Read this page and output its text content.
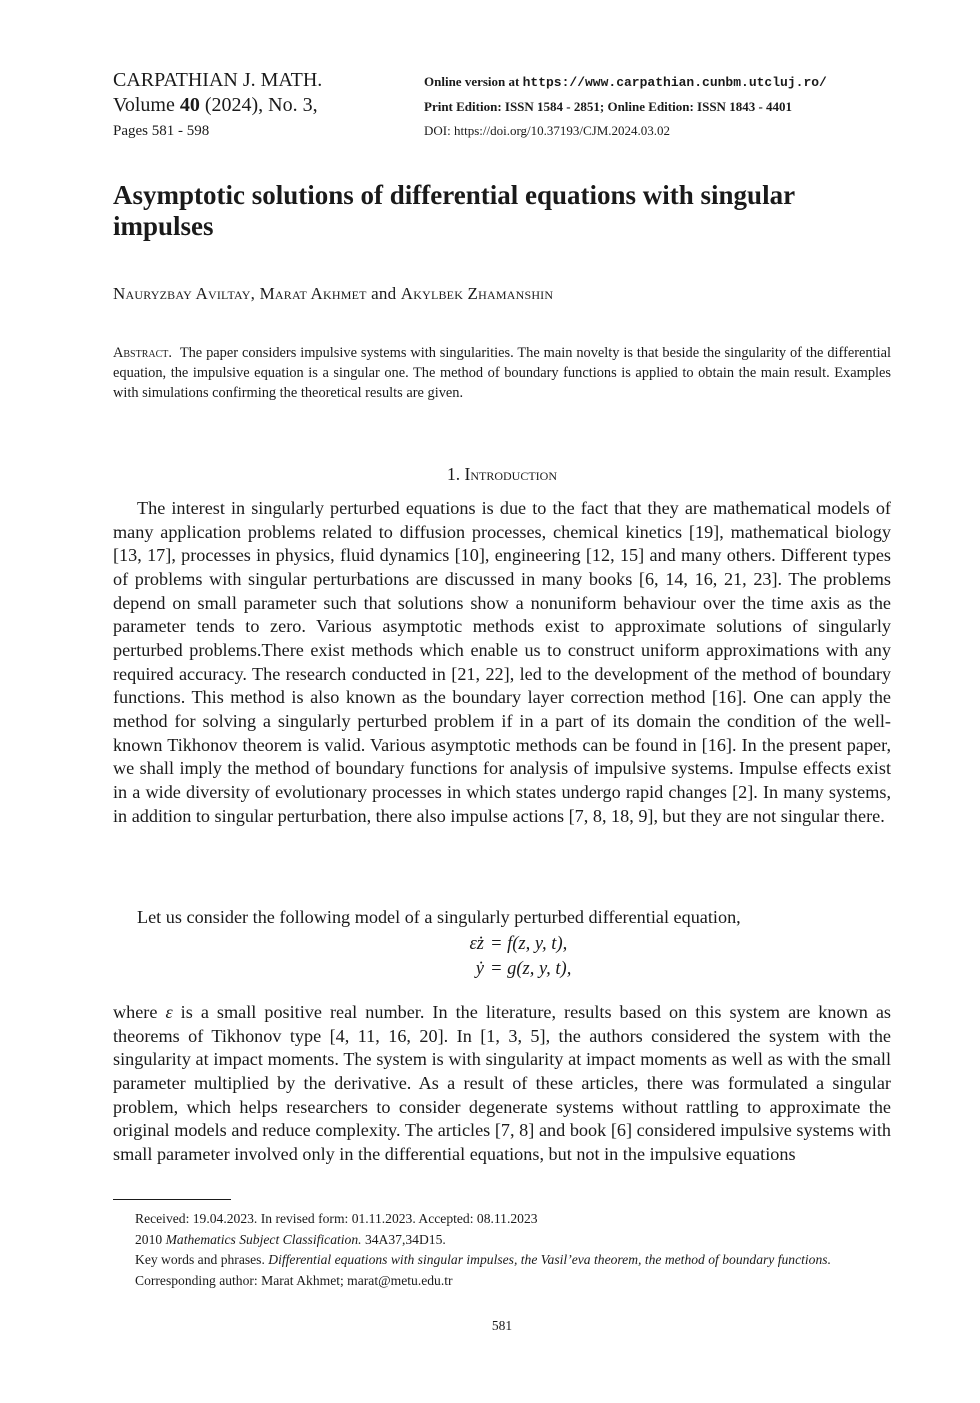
CARPATHIAN J. MATH.
Volume 40 (2024), No. 3,
Pages 581 - 598
Online version at https://www.carpathian.cunbm.utcluj.ro/
Print Edition: ISSN 1584 - 2851; Online Edition: ISSN 1843 - 4401
DOI: https://doi.org/10.37193/CJM.2024.03.02
Asymptotic solutions of differential equations with singular impulses
Nauryzbay Aviltay, Marat Akhmet and Akylbek Zhamanshin
Abstract. The paper considers impulsive systems with singularities. The main novelty is that beside the singularity of the differential equation, the impulsive equation is a singular one. The method of boundary functions is applied to obtain the main result. Examples with simulations confirming the theoretical results are given.
1. Introduction
The interest in singularly perturbed equations is due to the fact that they are mathematical models of many application problems related to diffusion processes, chemical kinetics [19], mathematical biology [13, 17], processes in physics, fluid dynamics [10], engineering [12, 15] and many others. Different types of problems with singular perturbations are discussed in many books [6, 14, 16, 21, 23]. The problems depend on small parameter such that solutions show a nonuniform behaviour over the time axis as the parameter tends to zero. Various asymptotic methods exist to approximate solutions of singularly perturbed problems.There exist methods which enable us to construct uniform approximations with any required accuracy. The research conducted in [21, 22], led to the development of the method of boundary functions. This method is also known as the boundary layer correction method [16]. One can apply the method for solving a singularly perturbed problem if in a part of its domain the condition of the well-known Tikhonov theorem is valid. Various asymptotic methods can be found in [16]. In the present paper, we shall imply the method of boundary functions for analysis of impulsive systems. Impulse effects exist in a wide diversity of evolutionary processes in which states undergo rapid changes [2]. In many systems, in addition to singular perturbation, there also impulse actions [7, 8, 18, 9], but they are not singular there.
Let us consider the following model of a singularly perturbed differential equation,
εż = f(z, y, t),
ẏ = g(z, y, t),
where ε is a small positive real number. In the literature, results based on this system are known as theorems of Tikhonov type [4, 11, 16, 20]. In [1, 3, 5], the authors considered the system with the singularity at impact moments. The system is with singularity at impact moments as well as with the small parameter multiplied by the derivative. As a result of these articles, there was formulated a singular problem, which helps researchers to consider degenerate systems without rattling to approximate the original models and reduce complexity. The articles [7, 8] and book [6] considered impulsive systems with small parameter involved only in the differential equations, but not in the impulsive equations
Received: 19.04.2023. In revised form: 01.11.2023. Accepted: 08.11.2023
2010 Mathematics Subject Classification. 34A37,34D15.
Key words and phrases. Differential equations with singular impulses, the Vasil’eva theorem, the method of boundary functions.
Corresponding author: Marat Akhmet; marat@metu.edu.tr
581
